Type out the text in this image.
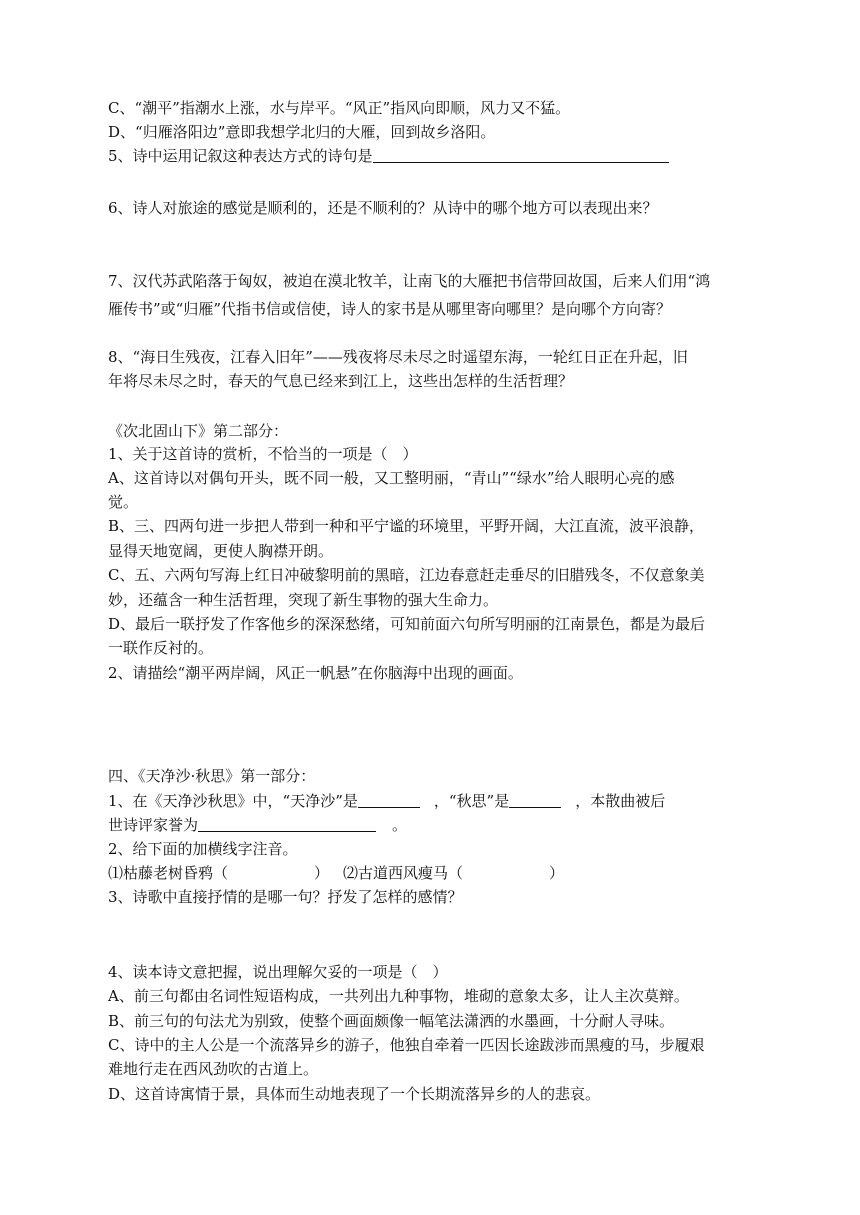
C、“潮平”指潮水上涨，水与岸平。“风正”指风向即顺，风力又不猛。
D、“归雁洛阳边”意即我想学北归的大雁，回到故乡洛阳。
5、诗中运用记叙这种表达方式的诗句是
6、诗人对旅途的感觉是顺利的，还是不顺利的？从诗中的哪个地方可以表现出来？
7、汉代苏武陷落于匈奴，被迫在漠北牧羊，让南飞的大雁把书信带回故国，后来人们用“鸿
雁传书”或“归雁”代指书信或信使，诗人的家书是从哪里寄向哪里？是向哪个方向寄？
8、“海日生残夜，江春入旧年”——残夜将尽未尽之时遥望东海，一轮红日正在升起，旧
年将尽未尽之时，春天的气息已经来到江上，这些出怎样的生活哲理？
《次北固山下》第二部分：
1、关于这首诗的赏析，不恰当的一项是（　）
A、这首诗以对偶句开头，既不同一般，又工整明丽，“青山”“绿水”给人眼明心亮的感
觉。
B、三、四两句进一步把人带到一种和平宁谧的环境里，平野开阔，大江直流，波平浪静，
显得天地宽阔，更使人胸襟开朗。
C、五、六两句写海上红日冲破黎明前的黑暗，江边春意赶走垂尽的旧腊残冬，不仅意象美
妙，还蕴含一种生活哲理，突现了新生事物的强大生命力。
D、最后一联抒发了作客他乡的深深愁绪，可知前面六句所写明丽的江南景色，都是为最后
一联作反衬的。
2、请描绘“潮平两岸阔，风正一帆悬”在你脑海中出现的画面。
四、《天净沙·秋思》第一部分：
1、在《天净沙秋思》中，“天净沙”是	，“秋思”是	，本散曲被后
世诗评家誉为	。
2、给下面的加横线字注音。
⑴枯藤老树昏鸦（	） ⑵古道西风瘦马（	）
3、诗歌中直接抒情的是哪一句？抒发了怎样的感情？
4、读本诗文意把握，说出理解欠妥的一项是（　）
A、前三句都由名词性短语构成，一共列出九种事物，堆砌的意象太多，让人主次莫辩。
B、前三句的句法尤为别致，使整个画面颇像一幅笔法潇洒的水墨画，十分耐人寻味。
C、诗中的主人公是一个流落异乡的游子，他独自牵着一匹因长途跋涉而黑瘦的马，步履艰
难地行走在西风劲吹的古道上。
D、这首诗寓情于景，具体而生动地表现了一个长期流落异乡的人的悲哀。
